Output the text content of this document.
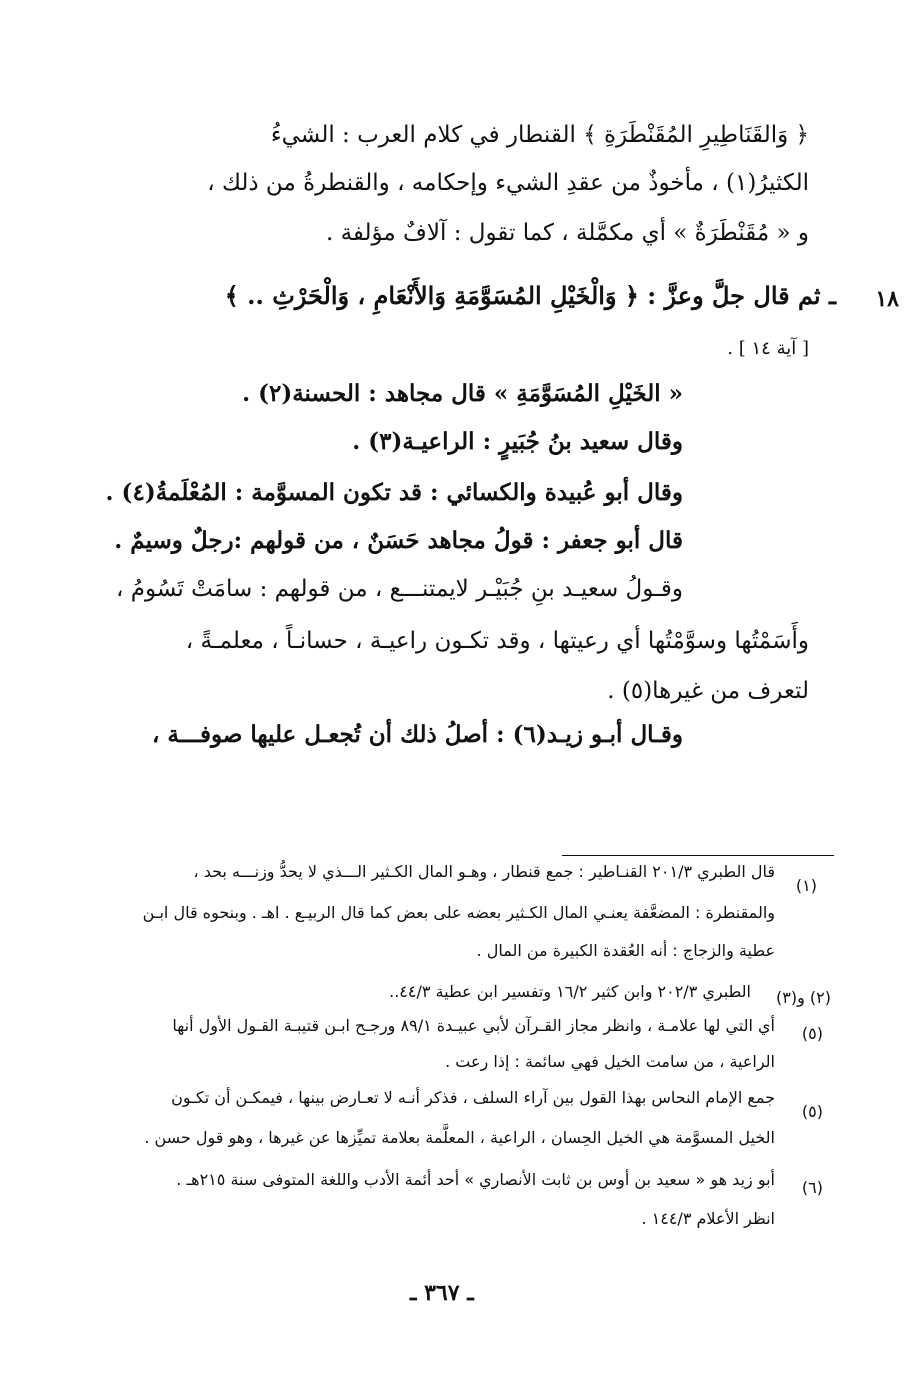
﴿ وَالقَنَاطِيرِ المُقَنْطَرَةِ ﴾ القنطار في كلام العرب : الشيءُ
الكثيرُ(١) ، مأخوذٌ من عقدِ الشيء وإحكامه ، والقنطرةُ من ذلك ،
و « مُقَنْطَرَةٌ » أي مكمَّلة ، كما تقول : آلافٌ مؤلفة .
١٨
ـ ثم قال جلَّ وعزَّ : ﴿ وَالْخَيْلِ المُسَوَّمَةِ وَالأَنْعَامِ ، وَالْحَرْثِ .. ﴾
[ آية ١٤ ] .
« الخَيْلِ المُسَوَّمَةِ » قال مجاهد : الحسنة(٢) .
وقال سعيد بنُ جُبَيرٍ : الراعيـة(٣) .
وقال أبو عُبيدة والكسائي : قد تكون المسوَّمة : المُعْلَمةُ(٤) .
قال أبو جعفر : قولُ مجاهد حَسَنٌ ، من قولهم :رجلٌ وسيمٌ .
وقـولُ سعيـد بنِ جُبَيْـر لايمتنـــع ، من قولهم : سامَتْ تَسُومُ ،
وأَسَمْتُها وسوَّمْتُها أي رعيتها ، وقد تكـون راعيـة ، حسانـاً ، معلمـةً ،
لتعرف من غيرها(٥) .
وقـال أبـو زيـد(٦) : أصلُ ذلك أن تُجعـل عليها صوفـــة ،
(١)
قال الطبري ٢٠١/٣ القنـاطير : جمع قنطار ، وهـو المال الكـثير الـــذي لا يحدُّ وزنـــه بحد ،
والمقنطرة : المضعَّفة يعنـي المال الكـثير بعضه على بعض كما قال الربيـع . اهـ . وبنحوه قال ابـن
عطية والزجاج : أنه العُقدة الكبيرة من المال .
(٢) و(٣)
الطبري ٢٠٢/٣ وابن كثير ١٦/٢ وتفسير ابن عطية ٤٤/٣..
(٥)
أي التي لها علامـة ، وانظر مجاز القـرآن لأبي عبيـدة ٨٩/١ ورجـح ابـن قتيبـة القـول الأول أنها
الراعية ، من سامت الخيل فهي سائمة : إذا رعت .
(٥)
جمع الإمام النحاس بهذا القول بين آراء السلف ، فذكر أنـه لا تعـارض بينها ، فيمكـن أن تكـون
الخيل المسوَّمة هي الخيل الحِسان ، الراعية ، المعلَّمة بعلامة تميِّزها عن غيرها ، وهو قول حسن .
(٦)
أبو زيد هو « سعيد بن أوس بن ثابت الأنصاري » أحد أئمة الأدب واللغة المتوفى سنة ٢١٥هـ .
انظر الأعلام ١٤٤/٣ .
ـ ٣٦٧ ـ
